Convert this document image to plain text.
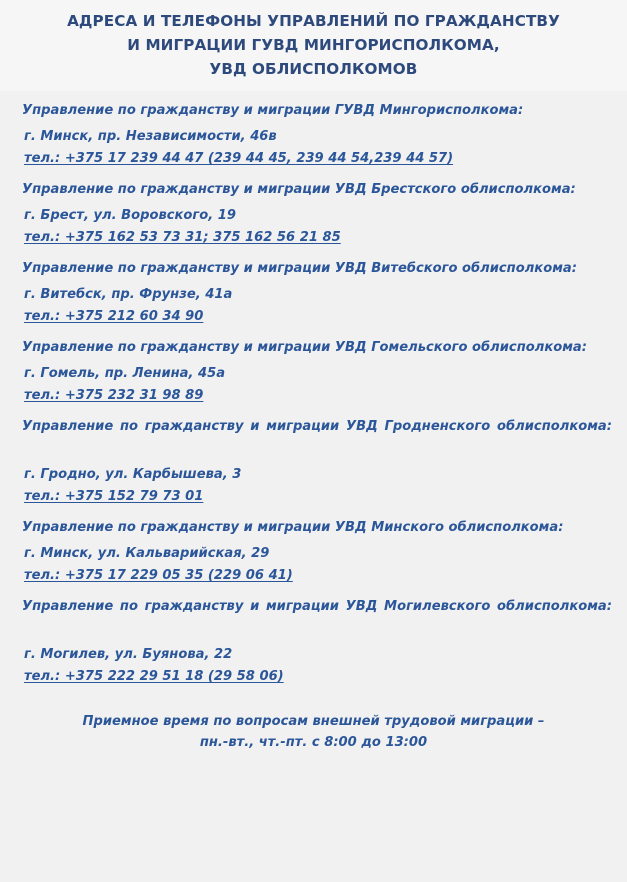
АДРЕСА И ТЕЛЕФОНЫ УПРАВЛЕНИЙ ПО ГРАЖДАНСТВУ
И МИГРАЦИИ ГУВД МИНГОРИСПОЛКОМА,
УВД ОБЛИСПОЛКОМОВ

Управление по гражданству и миграции ГУВД Мингорисполкома:

г. Минск, пр. Независимости, 46в

тел.: +375 17 239 44 47 (239 44 45, 239 44 54,239 44 57)

Управление по гражданству и миграции УВД Брестского облисполкома:

г. Брест, ул. Воровского, 19

тел.: +375 162 53 73 31; 375 162 56 21 85

Управление по гражданству и миграции УВД Витебского облисполкома:

г. Витебск, пр. Фрунзе, 41а

тел.: +375 212 60 34 90

Управление по гражданству и миграции УВД Гомельского облисполкома:

г. Гомель, пр. Ленина, 45а

тел.: +375 232 31 98 89

Управление по гражданству и миграции УВД Гродненского облисполкома:

г. Гродно, ул. Карбышева, 3

тел.: +375 152 79 73 01

Управление по гражданству и миграции УВД Минского облисполкома:

г. Минск, ул. Кальварийская, 29

тел.: +375 17 229 05 35 (229 06 41)

Управление по гражданству и миграции УВД Могилевского облисполкома:

г. Могилев, ул. Буянова, 22

тел.: +375 222 29 51 18 (29 58 06)
Приемное время по вопросам внешней трудовой миграции –
пн.-вт., чт.-пт. с 8:00 до 13:00
